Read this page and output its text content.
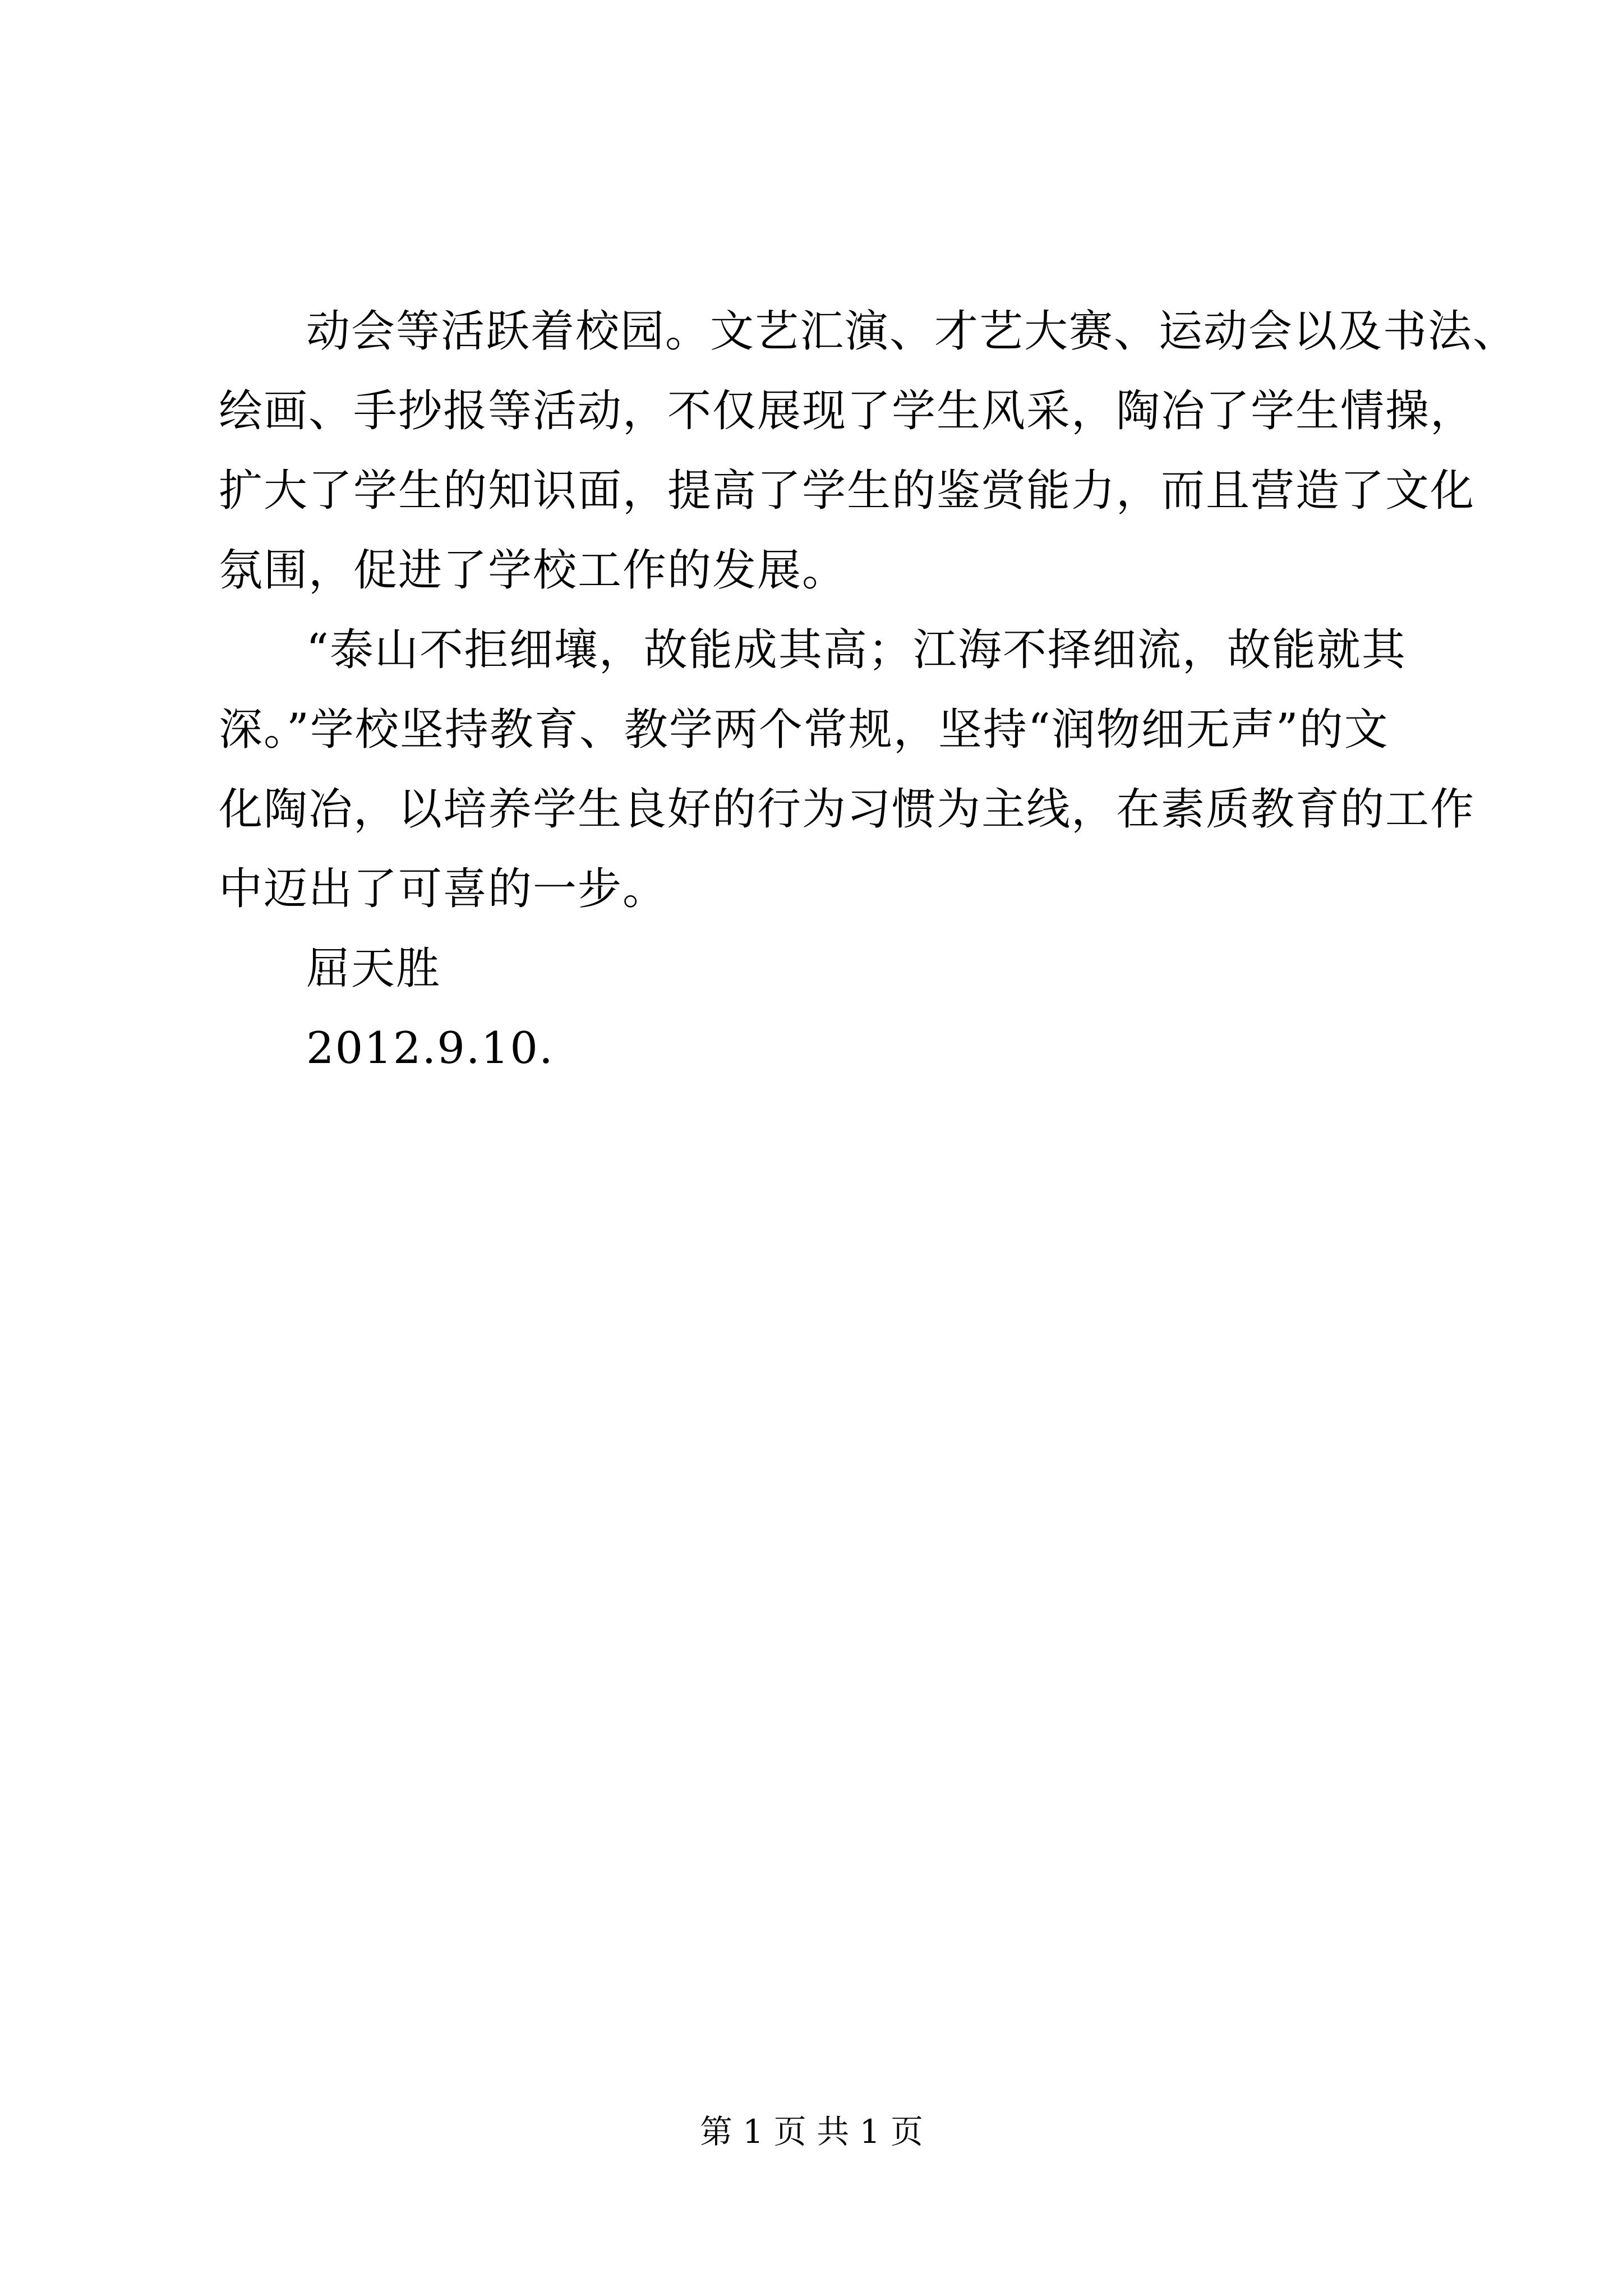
动会等活跃着校园。文艺汇演、才艺大赛、运动会以及书法、
绘画、手抄报等活动，不仅展现了学生风采，陶冶了学生情操，
扩大了学生的知识面，提高了学生的鉴赏能力，而且营造了文化
氛围，促进了学校工作的发展。
“泰山不拒细壤，故能成其高；江海不择细流，故能就其
深。”学校坚持教育、教学两个常规，坚持“润物细无声”的文
化陶冶，以培养学生良好的行为习惯为主线，在素质教育的工作
中迈出了可喜的一步。
屈天胜
2012.9.10.
第 1 页 共 1 页
